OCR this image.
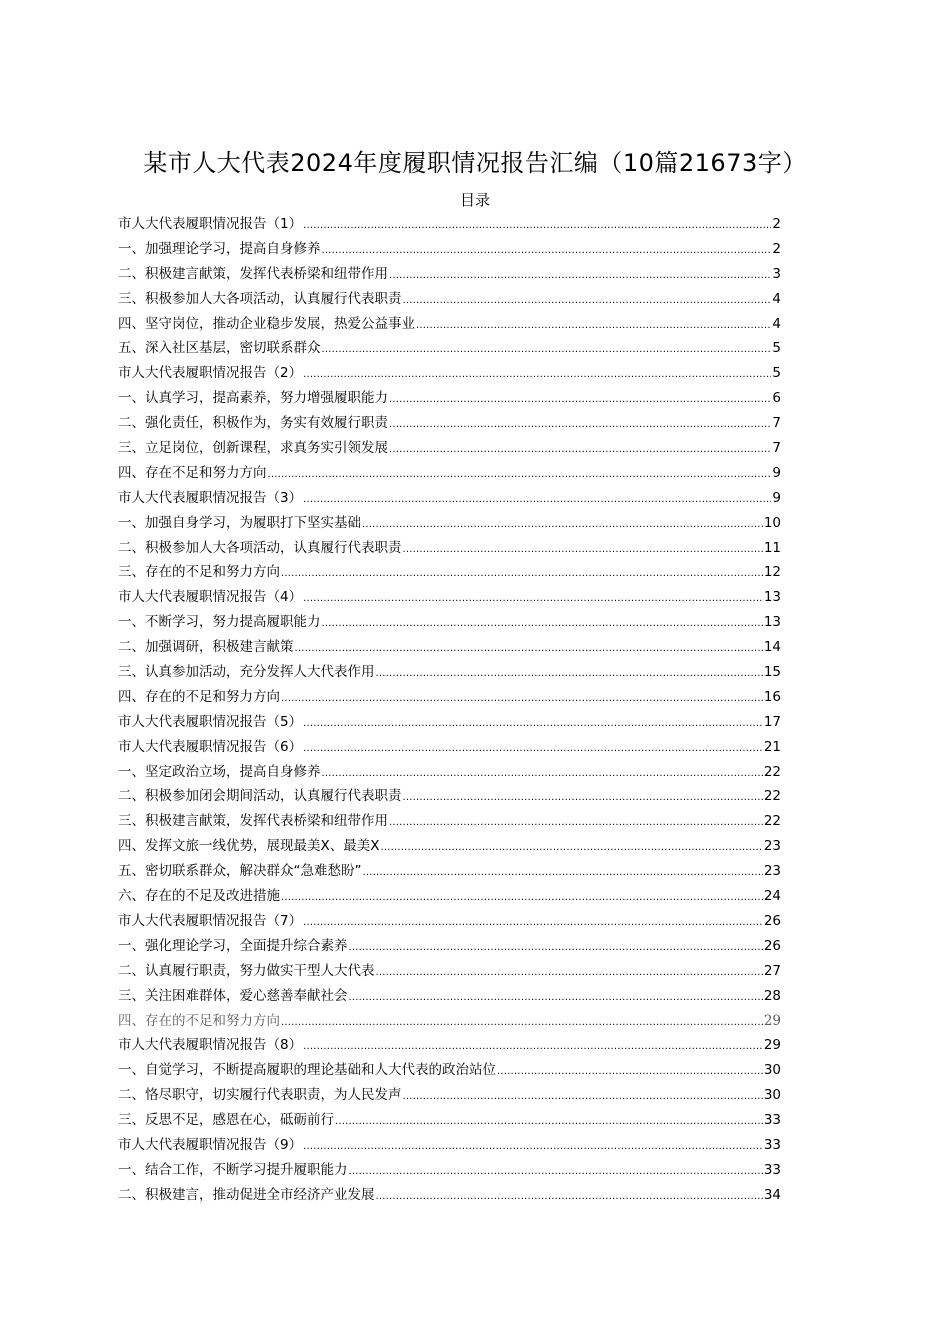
某市人大代表2024年度履职情况报告汇编（10篇21673字）
目录
市人大代表履职情况报告（1） .....	2
一、加强理论学习，提高自身修养 .....	2
二、积极建言献策，发挥代表桥梁和纽带作用 .....	3
三、积极参加人大各项活动，认真履行代表职责 .....	4
四、坚守岗位，推动企业稳步发展，热爱公益事业 .....	4
五、深入社区基层，密切联系群众 .....	5
市人大代表履职情况报告（2） .....	5
一、认真学习，提高素养，努力增强履职能力 .....	6
二、强化责任，积极作为，务实有效履行职责 .....	7
三、立足岗位，创新课程，求真务实引领发展 .....	7
四、存在不足和努力方向 .....	9
市人大代表履职情况报告（3） .....	9
一、加强自身学习，为履职打下坚实基础 .....	10
二、积极参加人大各项活动，认真履行代表职责 .....	11
三、存在的不足和努力方向 .....	12
市人大代表履职情况报告（4） .....	13
一、不断学习，努力提高履职能力 .....	13
二、加强调研，积极建言献策 .....	14
三、认真参加活动，充分发挥人大代表作用 .....	15
四、存在的不足和努力方向 .....	16
市人大代表履职情况报告（5） .....	17
市人大代表履职情况报告（6） .....	21
一、坚定政治立场，提高自身修养 .....	22
二、积极参加闭会期间活动，认真履行代表职责 .....	22
三、积极建言献策，发挥代表桥梁和纽带作用 .....	22
四、发挥文旅一线优势，展现最美X、最美X .....	23
五、密切联系群众，解决群众“急难愁盼” .....	23
六、存在的不足及改进措施 .....	24
市人大代表履职情况报告（7） .....	26
一、强化理论学习，全面提升综合素养 .....	26
二、认真履行职责，努力做实干型人大代表 .....	27
三、关注困难群体，爱心慈善奉献社会 .....	28
四、存在的不足和努力方向 .....	29
市人大代表履职情况报告（8） .....	29
一、自觉学习，不断提高履职的理论基础和人大代表的政治站位 .....	30
二、恪尽职守，切实履行代表职责，为人民发声 .....	30
三、反思不足，感恩在心，砥砺前行 .....	33
市人大代表履职情况报告（9） .....	33
一、结合工作，不断学习提升履职能力 .....	33
二、积极建言，推动促进全市经济产业发展 .....	34
